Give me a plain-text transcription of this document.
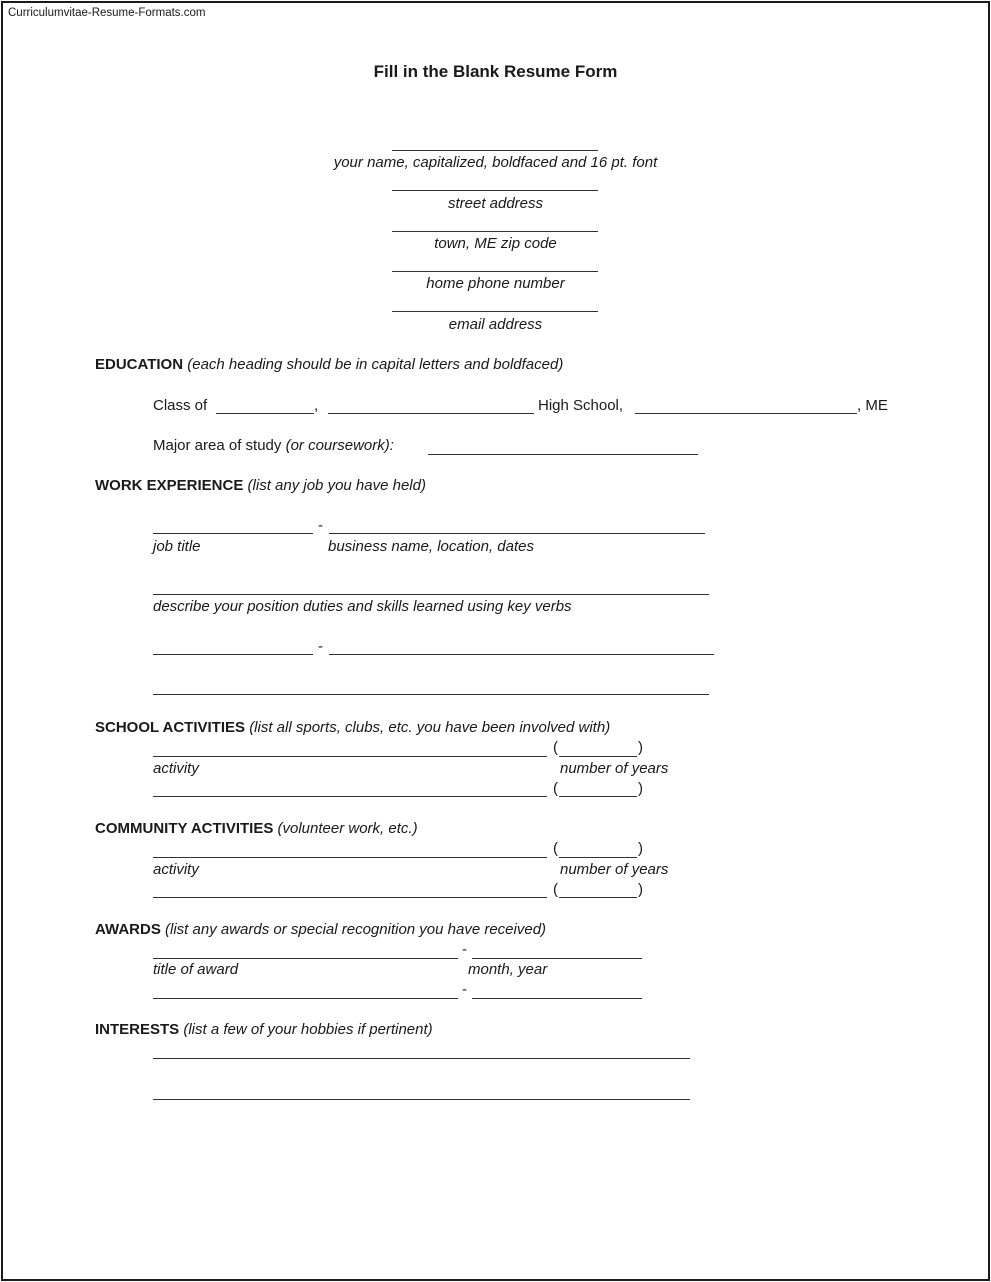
Curriculumvitae-Resume-Formats.com
Fill in the Blank Resume Form
your name, capitalized, boldfaced and 16 pt. font
street address
town, ME zip code
home phone number
email address
EDUCATION (each heading should be in capital letters and boldfaced)
Class of	,	High School,	, ME
Major area of study (or coursework):
WORK EXPERIENCE (list any job you have held)
-
job title	business name, location, dates
describe your position duties and skills learned using key verbs
-
SCHOOL ACTIVITIES (list all sports, clubs, etc. you have been involved with)
(	)
activity	number of years
(	)
COMMUNITY ACTIVITIES (volunteer work, etc.)
(	)
activity	number of years
(	)
AWARDS (list any awards or special recognition you have received)
-
title of award	month, year
-
INTERESTS (list a few of your hobbies if pertinent)
